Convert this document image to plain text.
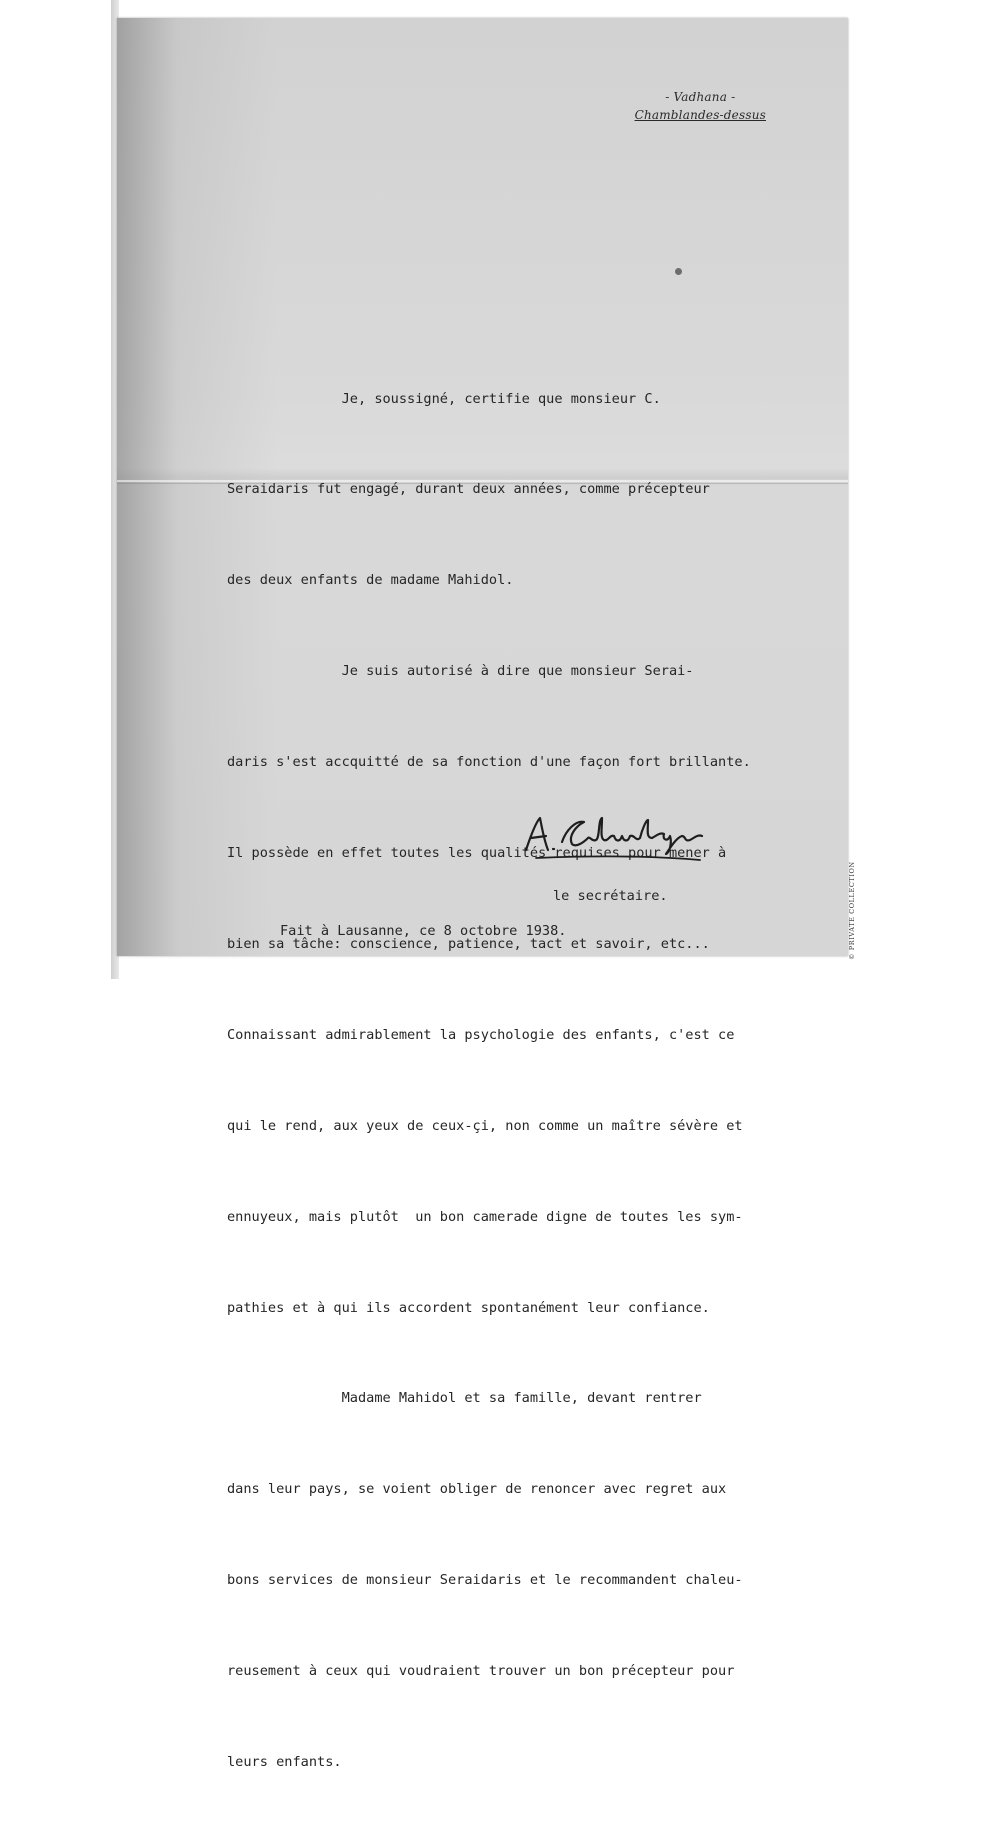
- Vadhana -
Chamblandes-dessus

Je, soussigné, certifie que monsieur C.

Seraidaris fut engagé, durant deux années, comme précepteur

des deux enfants de madame Mahidol.

Je suis autorisé à dire que monsieur Serai-

daris s'est accquitté de sa fonction d'une façon fort brillante.

Il possède en effet toutes les qualités requises pour mener à

bien sa tâche: conscience, patience, tact et savoir, etc...

Connaissant admirablement la psychologie des enfants, c'est ce

qui le rend, aux yeux de ceux-çi, non comme un maître sévère et

ennuyeux, mais plutôt  un bon camerade digne de toutes les sym-

pathies et à qui ils accordent spontanément leur confiance.

Madame Mahidol et sa famille, devant rentrer

dans leur pays, se voient obliger de renoncer avec regret aux

bons services de monsieur Seraidaris et le recommandent chaleu-

reusement à ceux qui voudraient trouver un bon précepteur pour

leurs enfants.

le secrétaire.
Fait à Lausanne, ce 8 octobre 1938.	© PRIVATE COLLECTION
